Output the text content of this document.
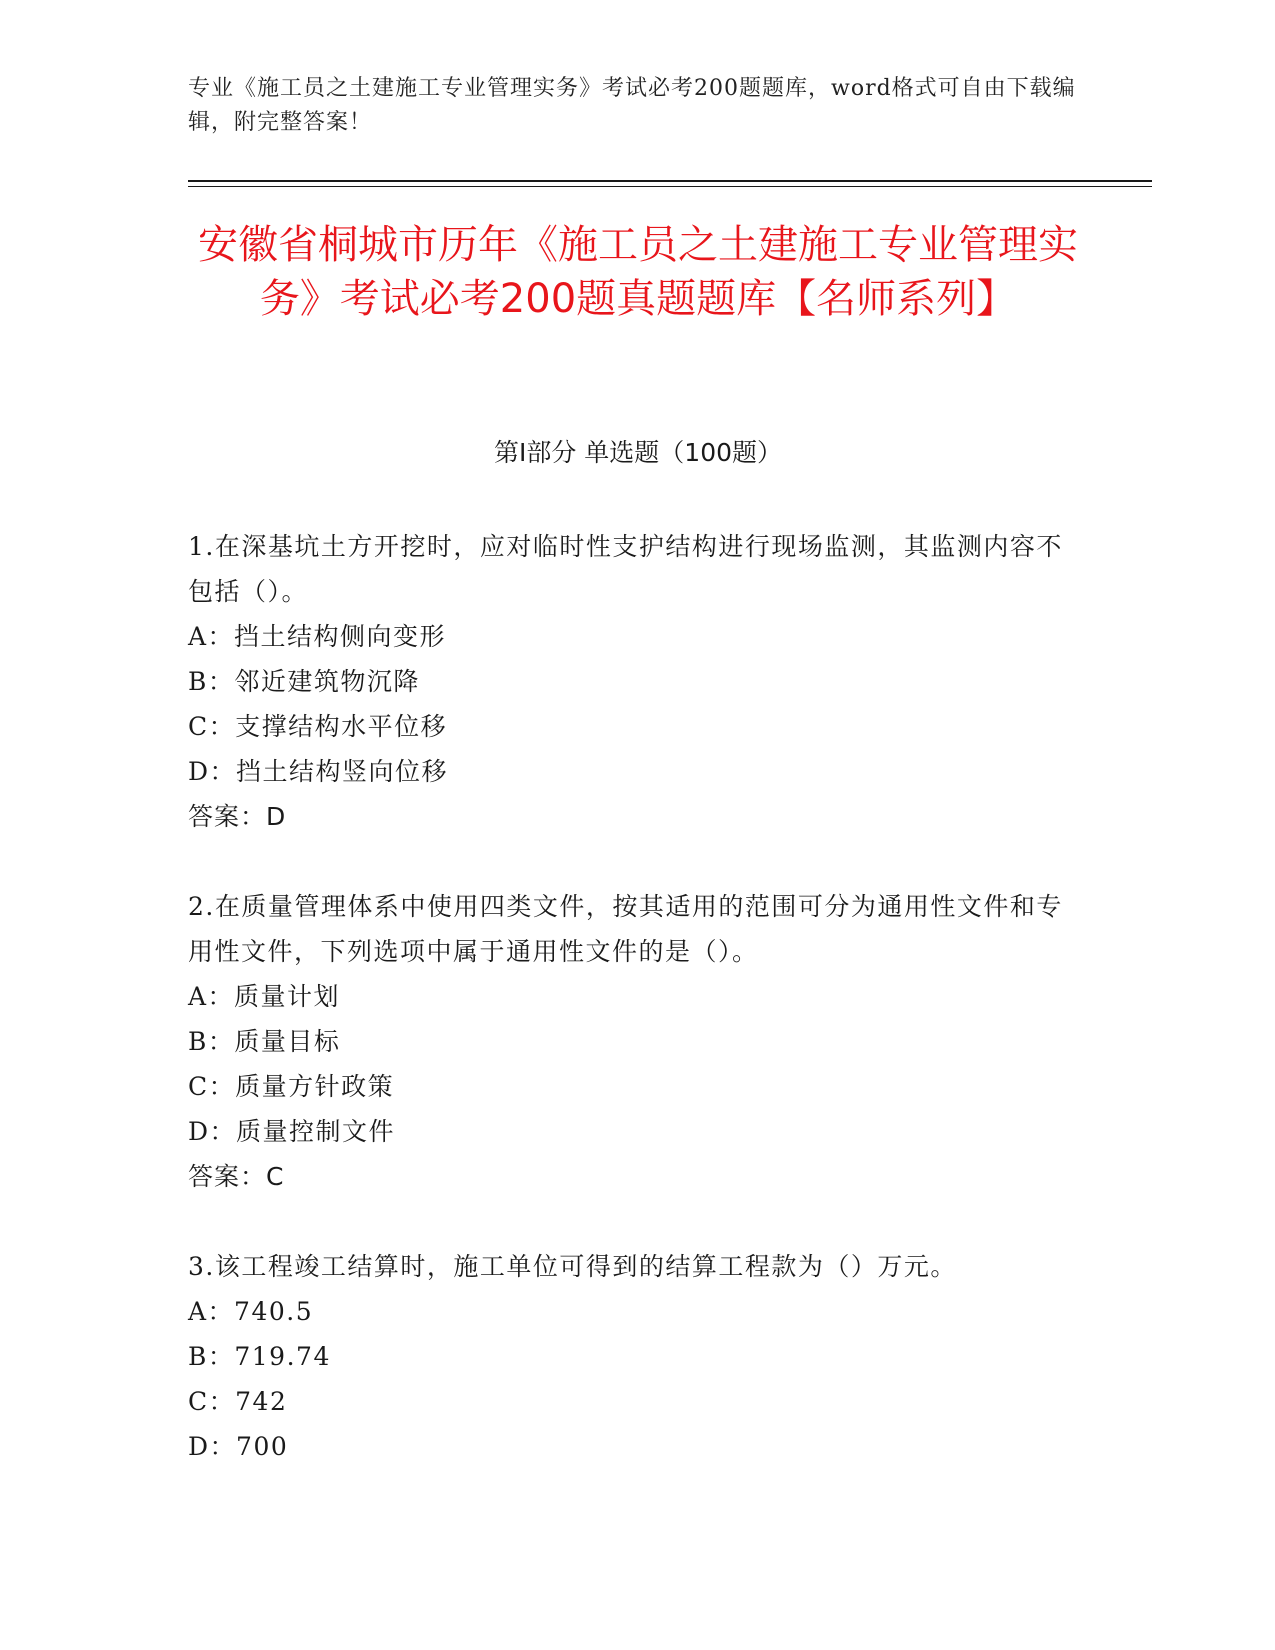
专业《施工员之土建施工专业管理实务》考试必考200题题库，word格式可自由下载编辑，附完整答案！
安徽省桐城市历年《施工员之土建施工专业管理实务》考试必考200题真题题库【名师系列】
第I部分 单选题（100题）
1.在深基坑土方开挖时，应对临时性支护结构进行现场监测，其监测内容不包括（）。
A：挡土结构侧向变形
B：邻近建筑物沉降
C：支撑结构水平位移
D：挡土结构竖向位移
答案：D
2.在质量管理体系中使用四类文件，按其适用的范围可分为通用性文件和专用性文件，下列选项中属于通用性文件的是（）。
A：质量计划
B：质量目标
C：质量方针政策
D：质量控制文件
答案：C
3.该工程竣工结算时，施工单位可得到的结算工程款为（）万元。
A：740.5
B：719.74
C：742
D：700
